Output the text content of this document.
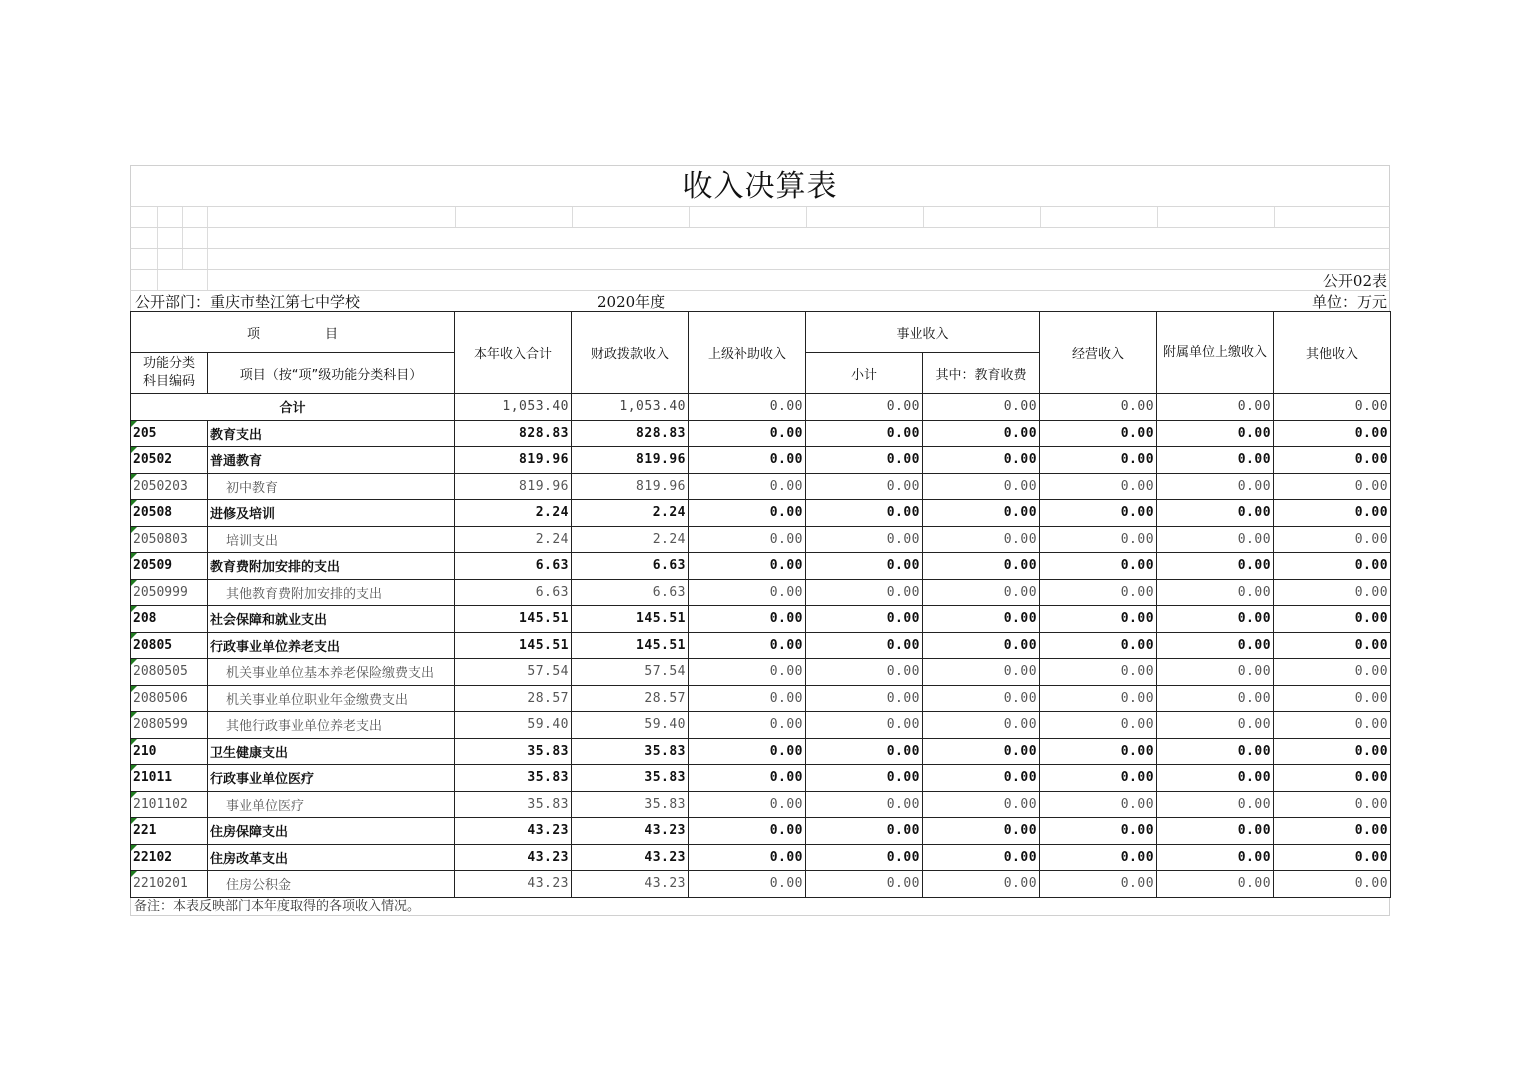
收入决算表
公开02表
公开部门：重庆市垫江第七中学校	2020年度	单位：万元
项　　　　　目		本年收入合计	财政拨款收入	上级补助收入	事业收入		经营收入	附属单位上缴收入	其他收入
功能分类
科目编码	项目（按“项”级功能分类科目）								
					小计	其中：教育收费			
合计		1,053.40	1,053.40	0.00	0.00	0.00	0.00	0.00	0.00
205	教育支出	828.83	828.83	0.00	0.00	0.00	0.00	0.00	0.00
20502	普通教育	819.96	819.96	0.00	0.00	0.00	0.00	0.00	0.00
2050203	初中教育	819.96	819.96	0.00	0.00	0.00	0.00	0.00	0.00
20508	进修及培训	2.24	2.24	0.00	0.00	0.00	0.00	0.00	0.00
2050803	培训支出	2.24	2.24	0.00	0.00	0.00	0.00	0.00	0.00
20509	教育费附加安排的支出	6.63	6.63	0.00	0.00	0.00	0.00	0.00	0.00
2050999	其他教育费附加安排的支出	6.63	6.63	0.00	0.00	0.00	0.00	0.00	0.00
208	社会保障和就业支出	145.51	145.51	0.00	0.00	0.00	0.00	0.00	0.00
20805	行政事业单位养老支出	145.51	145.51	0.00	0.00	0.00	0.00	0.00	0.00
2080505	机关事业单位基本养老保险缴费支出	57.54	57.54	0.00	0.00	0.00	0.00	0.00	0.00
2080506	机关事业单位职业年金缴费支出	28.57	28.57	0.00	0.00	0.00	0.00	0.00	0.00
2080599	其他行政事业单位养老支出	59.40	59.40	0.00	0.00	0.00	0.00	0.00	0.00
210	卫生健康支出	35.83	35.83	0.00	0.00	0.00	0.00	0.00	0.00
21011	行政事业单位医疗	35.83	35.83	0.00	0.00	0.00	0.00	0.00	0.00
2101102	事业单位医疗	35.83	35.83	0.00	0.00	0.00	0.00	0.00	0.00
221	住房保障支出	43.23	43.23	0.00	0.00	0.00	0.00	0.00	0.00
22102	住房改革支出	43.23	43.23	0.00	0.00	0.00	0.00	0.00	0.00
2210201	住房公积金	43.23	43.23	0.00	0.00	0.00	0.00	0.00	0.00
备注：本表反映部门本年度取得的各项收入情况。
